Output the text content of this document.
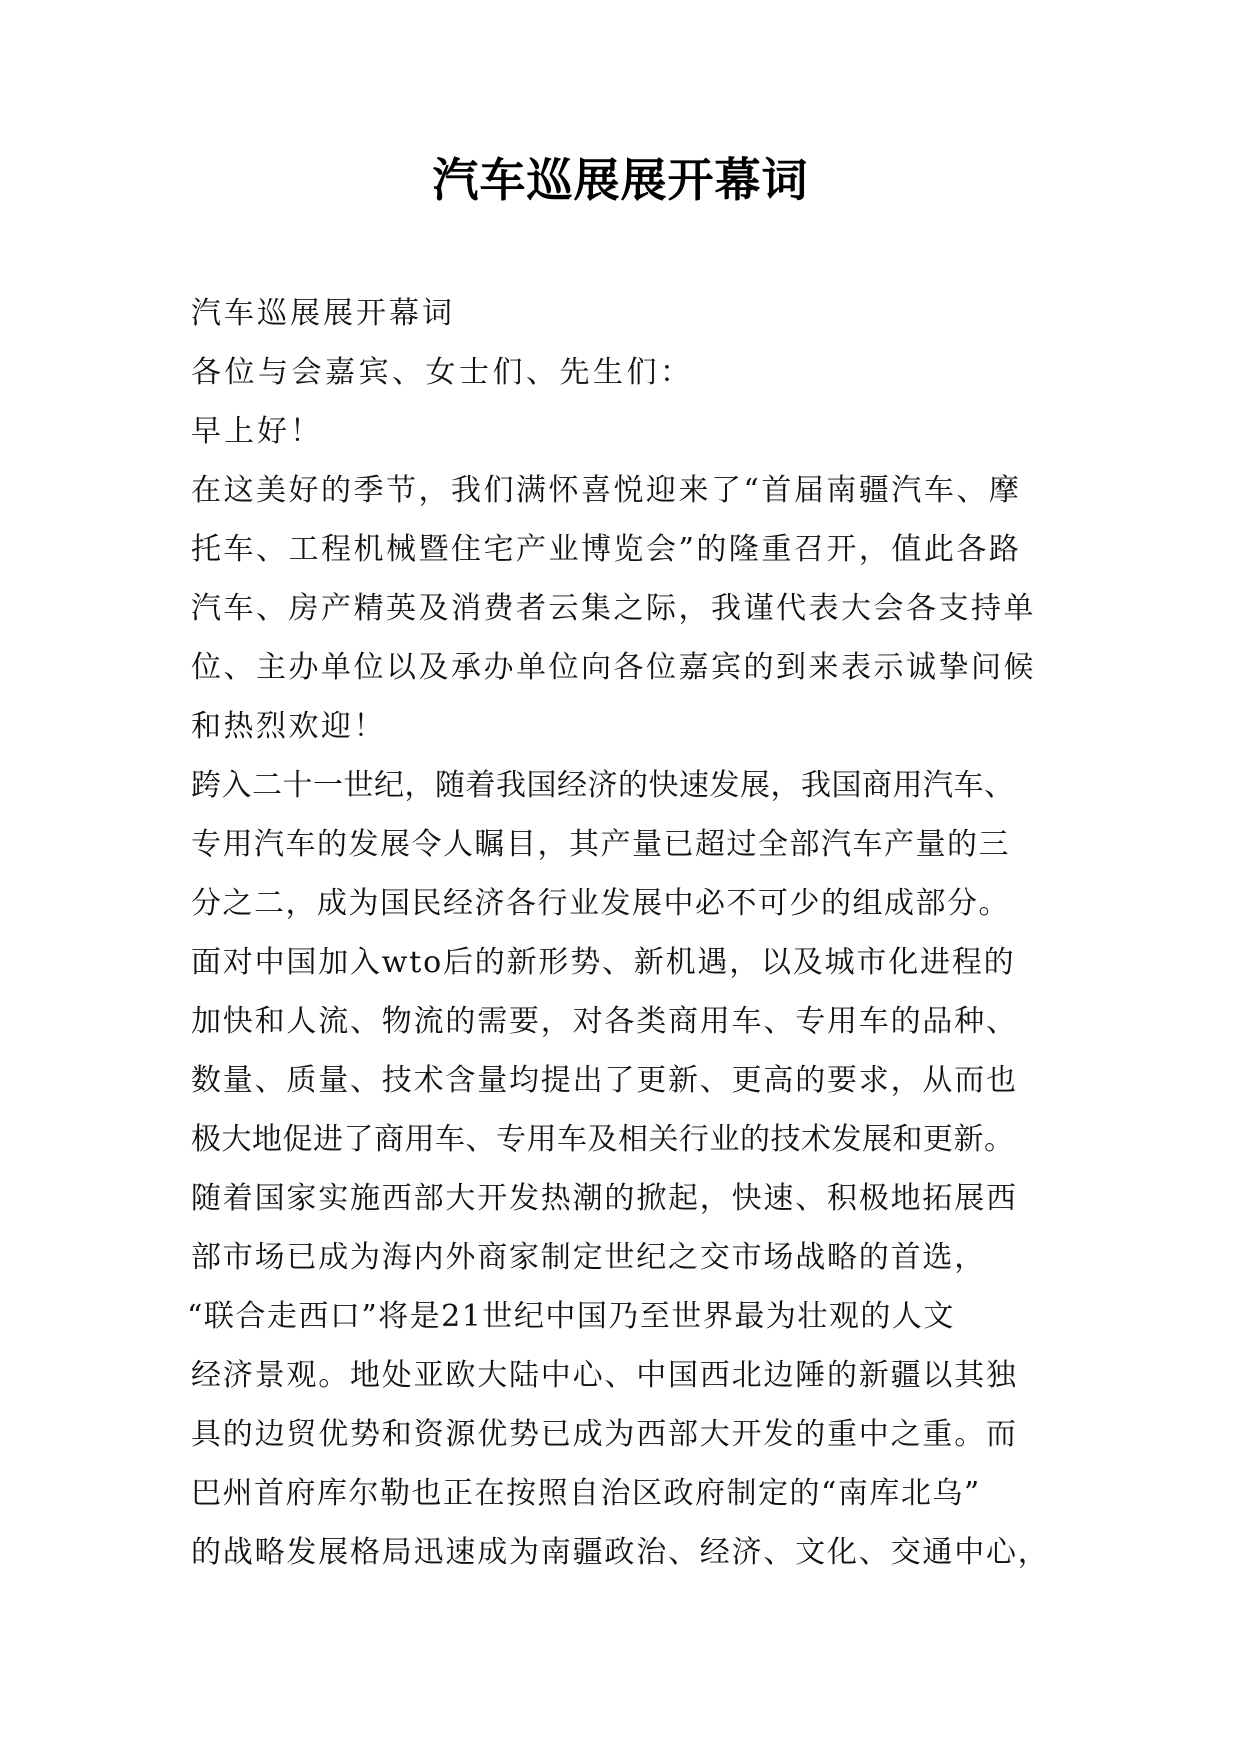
汽车巡展展开幕词

汽车巡展展开幕词

各位与会嘉宾、女士们、先生们：

早上好！

在这美好的季节，我们满怀喜悦迎来了“首届南疆汽车、摩

托车、工程机械暨住宅产业博览会”的隆重召开，值此各路

汽车、房产精英及消费者云集之际，我谨代表大会各支持单

位、主办单位以及承办单位向各位嘉宾的到来表示诚挚问候

和热烈欢迎！

跨入二十一世纪，随着我国经济的快速发展，我国商用汽车、

专用汽车的发展令人瞩目，其产量已超过全部汽车产量的三

分之二，成为国民经济各行业发展中必不可少的组成部分。

面对中国加入wto后的新形势、新机遇，以及城市化进程的

加快和人流、物流的需要，对各类商用车、专用车的品种、

数量、质量、技术含量均提出了更新、更高的要求，从而也

极大地促进了商用车、专用车及相关行业的技术发展和更新。

随着国家实施西部大开发热潮的掀起，快速、积极地拓展西

部市场已成为海内外商家制定世纪之交市场战略的首选，

“联合走西口”将是21世纪中国乃至世界最为壮观的人文

经济景观。地处亚欧大陆中心、中国西北边陲的新疆以其独

具的边贸优势和资源优势已成为西部大开发的重中之重。而

巴州首府库尔勒也正在按照自治区政府制定的“南库北乌”

的战略发展格局迅速成为南疆政治、经济、文化、交通中心，
